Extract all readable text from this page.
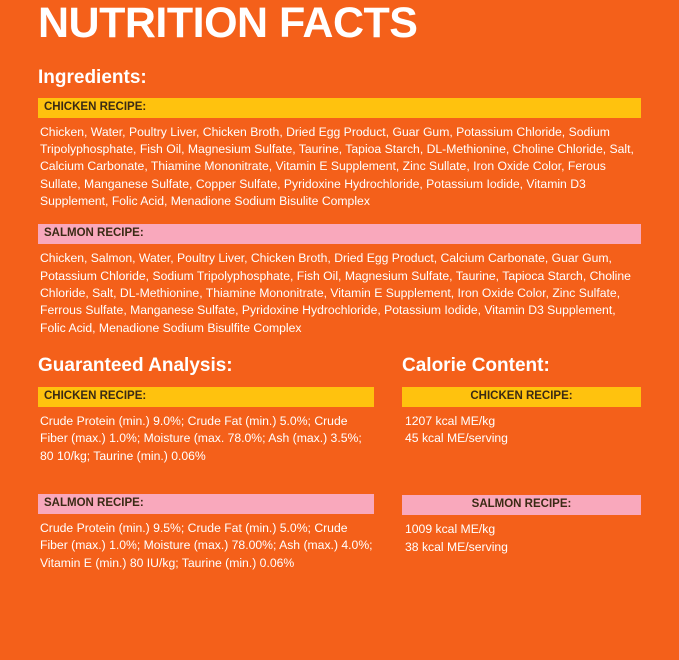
NUTRITION FACTS
Ingredients:
CHICKEN RECIPE:

Chicken, Water, Poultry Liver, Chicken Broth, Dried Egg Product, Guar Gum, Potassium Chloride, Sodium Tripolyphosphate, Fish Oil, Magnesium Sulfate, Taurine, Tapioa Starch, DL-Methionine, Choline Chloride, Salt, Calcium Carbonate, Thiamine Mononitrate, Vitamin E Supplement, Zinc Sullate, Iron Oxide Color, Ferous Sullate, Manganese Sulfate, Copper Sulfate, Pyridoxine Hydrochloride, Potassium Iodide, Vitamin D3 Supplement, Folic Acid, Menadione Sodium Bisulite Complex

SALMON RECIPE:

Chicken, Salmon, Water, Poultry Liver, Chicken Broth, Dried Egg Product, Calcium Carbonate, Guar Gum, Potassium Chloride, Sodium Tripolyphosphate, Fish Oil, Magnesium Sulfate, Taurine, Tapioca Starch, Choline Chloride, Salt, DL-Methionine, Thiamine Mononitrate, Vitamin E Supplement, Iron Oxide Color, Zinc Sulfate, Ferrous Sulfate, Manganese Sulfate, Pyridoxine Hydrochloride, Potassium Iodide, Vitamin D3 Supplement, Folic Acid, Menadione Sodium Bisulfite Complex

Guaranteed Analysis:
CHICKEN RECIPE:

Crude Protein (min.) 9.0%; Crude Fat (min.) 5.0%; Crude Fiber (max.) 1.0%; Moisture (max. 78.0%; Ash (max.) 3.5%; 80 10/kg; Taurine (min.) 0.06%

SALMON RECIPE:

Crude Protein (min.) 9.5%; Crude Fat (min.) 5.0%; Crude Fiber (max.) 1.0%; Moisture (max.) 78.00%; Ash (max.) 4.0%; Vitamin E (min.) 80 IU/kg; Taurine (min.) 0.06%

Calorie Content:
CHICKEN RECIPE:

1207 kcal ME/kg
45 kcal ME/serving

SALMON RECIPE:

1009 kcal ME/kg
38 kcal ME/serving
